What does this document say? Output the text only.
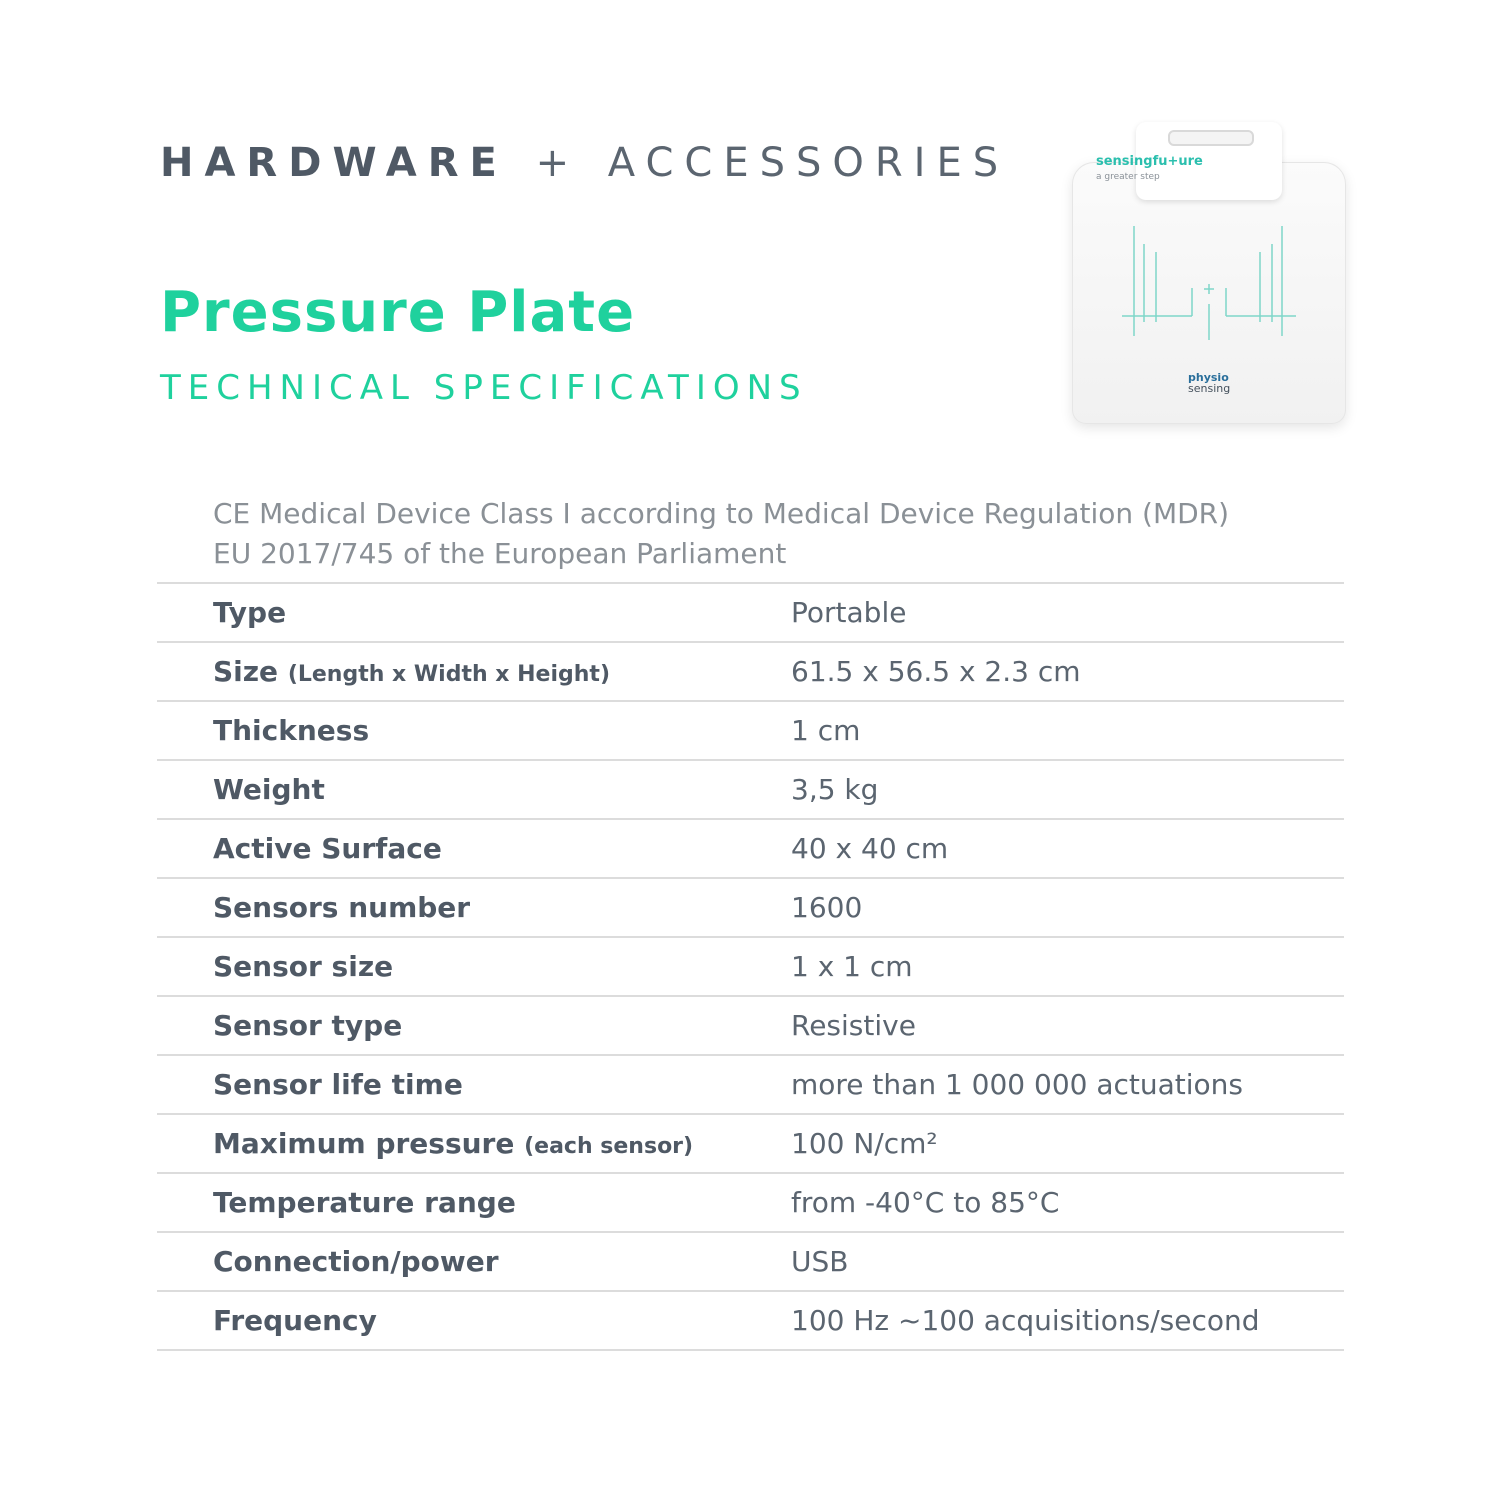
HARDWARE + ACCESSORIES
Pressure Plate
TECHNICAL SPECIFICATIONS
sensingfu+ure
a greater step
physio
sensing
CE Medical Device Class I according to Medical Device Regulation (MDR)
EU 2017/745 of the European Parliament
Type	Portable
Size (Length x Width x Height)	61.5 x 56.5 x 2.3 cm
Thickness	1 cm
Weight	3,5 kg
Active Surface	40 x 40 cm
Sensors number	1600
Sensor size	1 x 1 cm
Sensor type	Resistive
Sensor life time	more than 1 000 000 actuations
Maximum pressure (each sensor)	100 N/cm²
Temperature range	from -40°C to 85°C
Connection/power	USB
Frequency	100 Hz ~100 acquisitions/second
